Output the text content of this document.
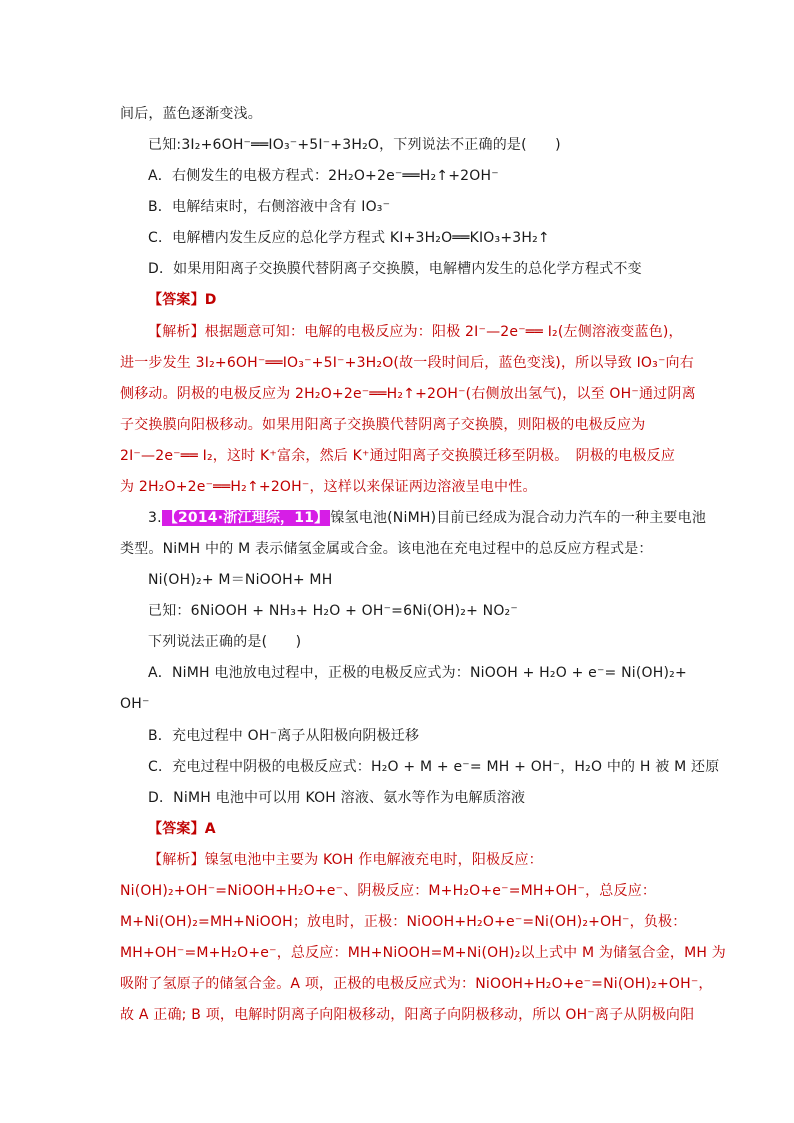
间后，蓝色逐渐变浅。
已知:3I₂+6OH⁻══IO₃⁻+5I⁻+3H₂O，下列说法不正确的是(　　)
A．右侧发生的电极方程式：2H₂O+2e⁻══H₂↑+2OH⁻
B．电解结束时，右侧溶液中含有 IO₃⁻
C．电解槽内发生反应的总化学方程式 KI+3H₂O══KIO₃+3H₂↑
D．如果用阳离子交换膜代替阴离子交换膜，电解槽内发生的总化学方程式不变
【答案】D
【解析】根据题意可知：电解的电极反应为：阳极 2I⁻—2e⁻══ I₂(左侧溶液变蓝色)，
进一步发生 3I₂+6OH⁻══IO₃⁻+5I⁻+3H₂O(故一段时间后，蓝色变浅)，所以导致 IO₃⁻向右
侧移动。阴极的电极反应为 2H₂O+2e⁻══H₂↑+2OH⁻(右侧放出氢气)，以至 OH⁻通过阴离
子交换膜向阳极移动。如果用阳离子交换膜代替阴离子交换膜，则阳极的电极反应为
2I⁻—2e⁻══ I₂，这时 K⁺富余，然后 K⁺通过阳离子交换膜迁移至阴极。　阴极的电极反应
为 2H₂O+2e⁻══H₂↑+2OH⁻，这样以来保证两边溶液呈电中性。
3. 【2014·浙江理综，11】 镍氢电池(NiMH)目前已经成为混合动力汽车的一种主要电池
类型。NiMH 中的 M 表示储氢金属或合金。该电池在充电过程中的总反应方程式是：
Ni(OH)₂+ M＝NiOOH+ MH
已知：6NiOOH + NH₃+ H₂O + OH⁻=6Ni(OH)₂+ NO₂⁻
下列说法正确的是(　　)
A．NiMH 电池放电过程中，正极的电极反应式为：NiOOH + H₂O + e⁻= Ni(OH)₂+
OH⁻
B．充电过程中 OH⁻离子从阳极向阴极迁移
C．充电过程中阴极的电极反应式：H₂O + M + e⁻= MH + OH⁻，H₂O 中的 H 被 M 还原
D．NiMH 电池中可以用 KOH 溶液、氨水等作为电解质溶液
【答案】A
【解析】镍氢电池中主要为 KOH 作电解液充电时，阳极反应：
Ni(OH)₂+OH⁻=NiOOH+H₂O+e⁻、阴极反应：M+H₂O+e⁻=MH+OH⁻，总反应：
M+Ni(OH)₂=MH+NiOOH；放电时，正极：NiOOH+H₂O+e⁻=Ni(OH)₂+OH⁻，负极：
MH+OH⁻=M+H₂O+e⁻，总反应：MH+NiOOH=M+Ni(OH)₂以上式中 M 为储氢合金，MH 为
吸附了氢原子的储氢合金。A 项，正极的电极反应式为：NiOOH+H₂O+e⁻=Ni(OH)₂+OH⁻，
故 A 正确; B 项，电解时阴离子向阳极移动，阳离子向阴极移动，所以 OH⁻离子从阴极向阳
